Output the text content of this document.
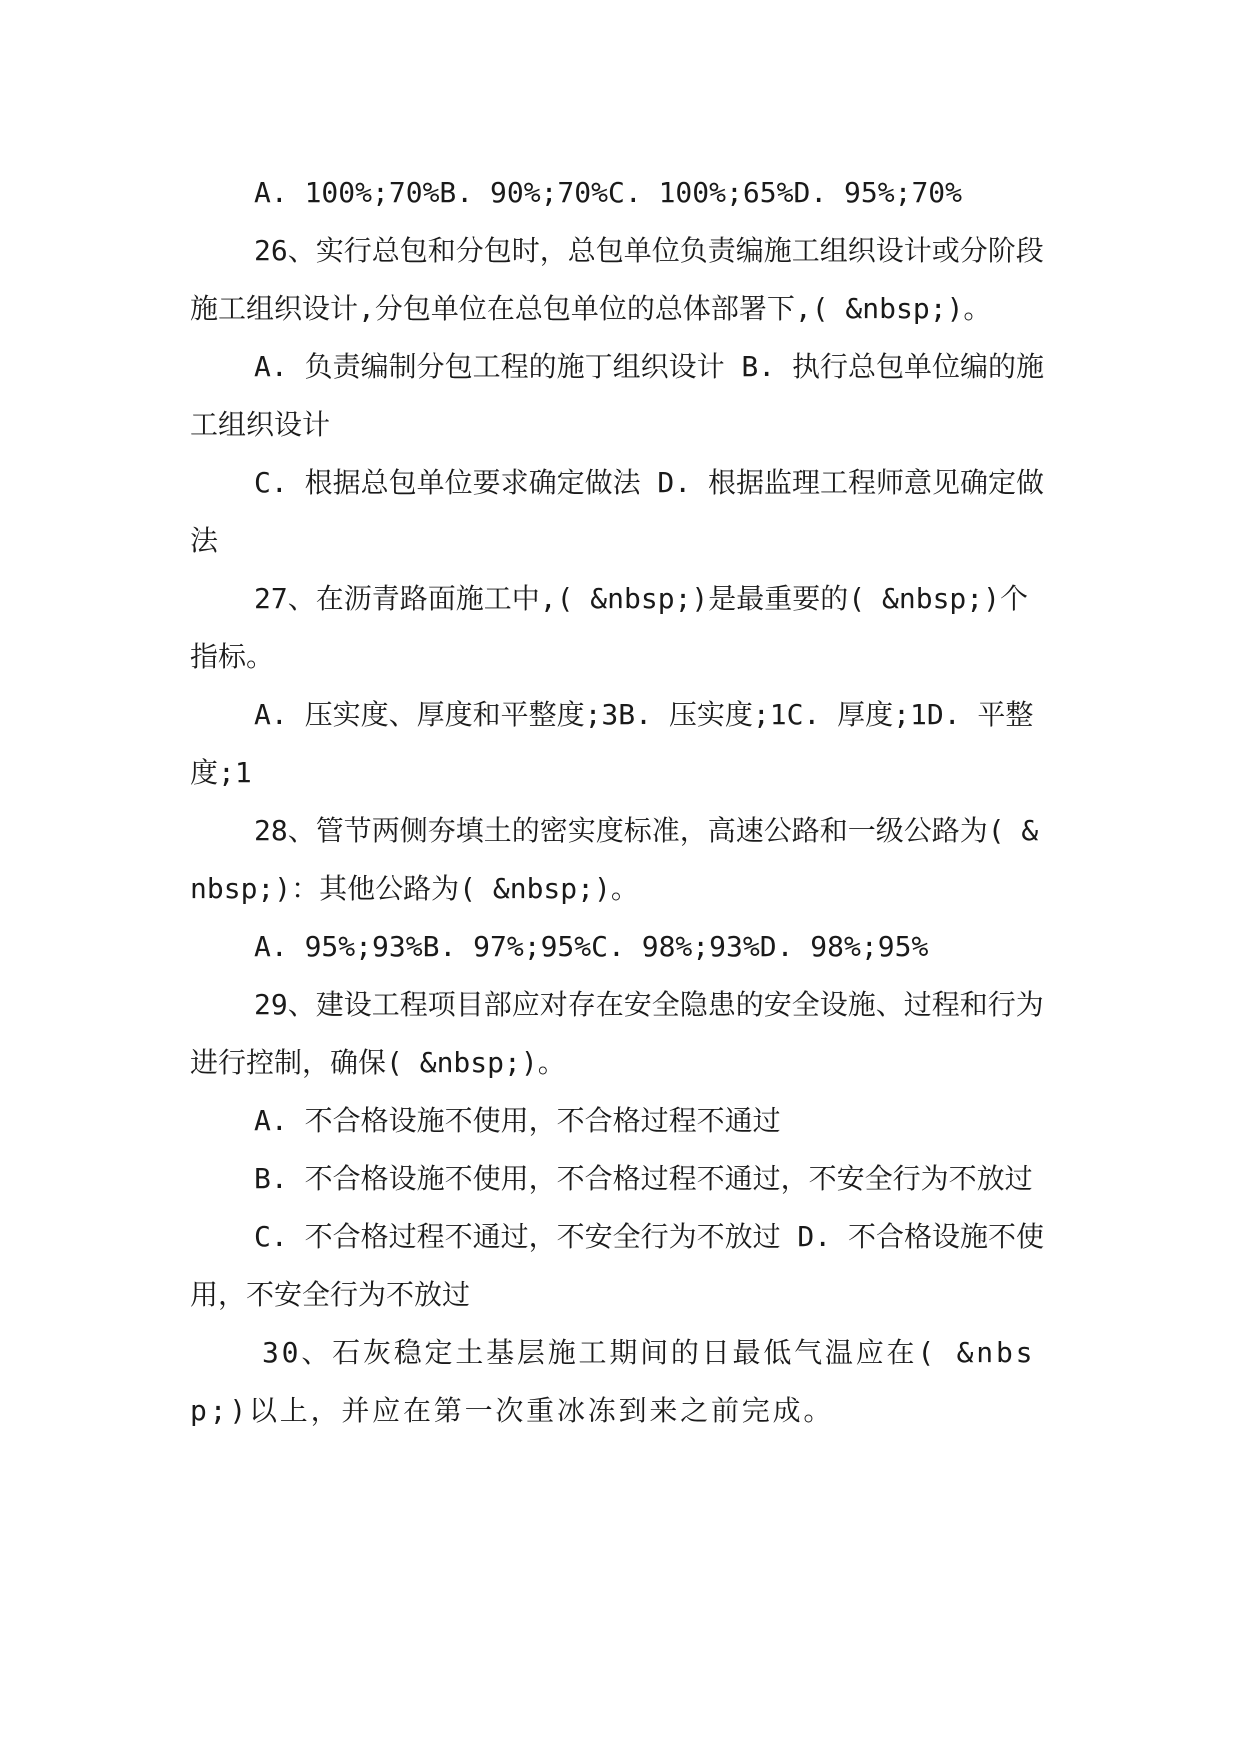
A. 100%;70%B. 90%;70%C. 100%;65%D. 95%;70%

26、实行总包和分包时，总包单位负责编施工组织设计或分阶段施工组织设计,分包单位在总包单位的总体部署下,( &nbsp;)。

A. 负责编制分包工程的施丁组织设计 B. 执行总包单位编的施工组织设计

C. 根据总包单位要求确定做法 D. 根据监理工程师意见确定做法

27、在沥青路面施工中,( &nbsp;)是最重要的( &nbsp;)个指标。

A. 压实度、厚度和平整度;3B. 压实度;1C. 厚度;1D. 平整度;1

28、管节两侧夯填土的密实度标准，高速公路和一级公路为( &nbsp;)：其他公路为( &nbsp;)。

A. 95%;93%B. 97%;95%C. 98%;93%D. 98%;95%

29、建设工程项目部应对存在安全隐患的安全设施、过程和行为进行控制，确保( &nbsp;)。

A. 不合格设施不使用，不合格过程不通过

B. 不合格设施不使用，不合格过程不通过，不安全行为不放过

C. 不合格过程不通过，不安全行为不放过 D. 不合格设施不使用，不安全行为不放过

30、石灰稳定土基层施工期间的日最低气温应在( &nbsp;)以上，并应在第一次重冰冻到来之前完成。
